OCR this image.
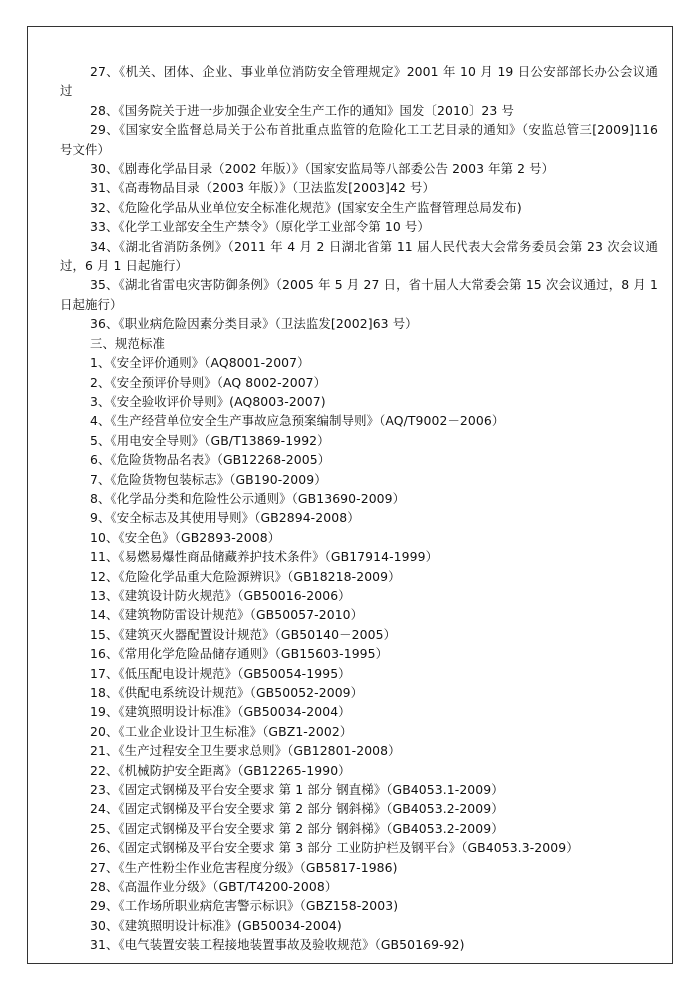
27、《机关、团体、企业、事业单位消防安全管理规定》2001 年 10 月 19 日公安部部长办公会议通过

28、《国务院关于进一步加强企业安全生产工作的通知》国发〔2010〕23 号

29、《国家安全监督总局关于公布首批重点监管的危险化工工艺目录的通知》（安监总管三[2009]116 号文件）

30、《剧毒化学品目录（2002 年版）》（国家安监局等八部委公告 2003 年第 2 号）

31、《高毒物品目录（2003 年版）》（卫法监发[2003]42 号）

32、《危险化学品从业单位安全标准化规范》(国家安全生产监督管理总局发布)

33、《化学工业部安全生产禁令》（原化学工业部令第 10 号）

34、《湖北省消防条例》（2011 年 4 月 2 日湖北省第 11 届人民代表大会常务委员会第 23 次会议通过，6 月 1 日起施行）

35、《湖北省雷电灾害防御条例》（2005 年 5 月 27 日，省十届人大常委会第 15 次会议通过，8 月 1 日起施行）

36、《职业病危险因素分类目录》（卫法监发[2002]63 号）

三、规范标准

1、《安全评价通则》（AQ8001-2007）

2、《安全预评价导则》（AQ 8002-2007）

3、《安全验收评价导则》(AQ8003-2007)

4、《生产经营单位安全生产事故应急预案编制导则》（AQ/T9002－2006）

5、《用电安全导则》（GB/T13869-1992）

6、《危险货物品名表》（GB12268-2005）

7、《危险货物包装标志》（GB190-2009）

8、《化学品分类和危险性公示通则》（GB13690-2009）

9、《安全标志及其使用导则》（GB2894-2008）

10、《安全色》（GB2893-2008）

11、《易燃易爆性商品储藏养护技术条件》（GB17914-1999）

12、《危险化学品重大危险源辨识》（GB18218-2009）

13、《建筑设计防火规范》（GB50016-2006）

14、《建筑物防雷设计规范》（GB50057-2010）

15、《建筑灭火器配置设计规范》（GB50140－2005）

16、《常用化学危险品储存通则》（GB15603-1995）

17、《低压配电设计规范》（GB50054-1995）

18、《供配电系统设计规范》（GB50052-2009）

19、《建筑照明设计标准》（GB50034-2004）

20、《工业企业设计卫生标准》（GBZ1-2002）

21、《生产过程安全卫生要求总则》（GB12801-2008）

22、《机械防护安全距离》（GB12265-1990）

23、《固定式钢梯及平台安全要求 第 1 部分 钢直梯》（GB4053.1-2009）

24、《固定式钢梯及平台安全要求 第 2 部分 钢斜梯》（GB4053.2-2009）

25、《固定式钢梯及平台安全要求 第 2 部分 钢斜梯》（GB4053.2-2009）

26、《固定式钢梯及平台安全要求 第 3 部分 工业防护栏及钢平台》（GB4053.3-2009）

27、《生产性粉尘作业危害程度分级》（GB5817-1986)

28、《高温作业分级》（GBT/T4200-2008）

29、《工作场所职业病危害警示标识》（GBZ158-2003)

30、《建筑照明设计标准》(GB50034-2004)

31、《电气装置安装工程接地装置事故及验收规范》（GB50169-92)
